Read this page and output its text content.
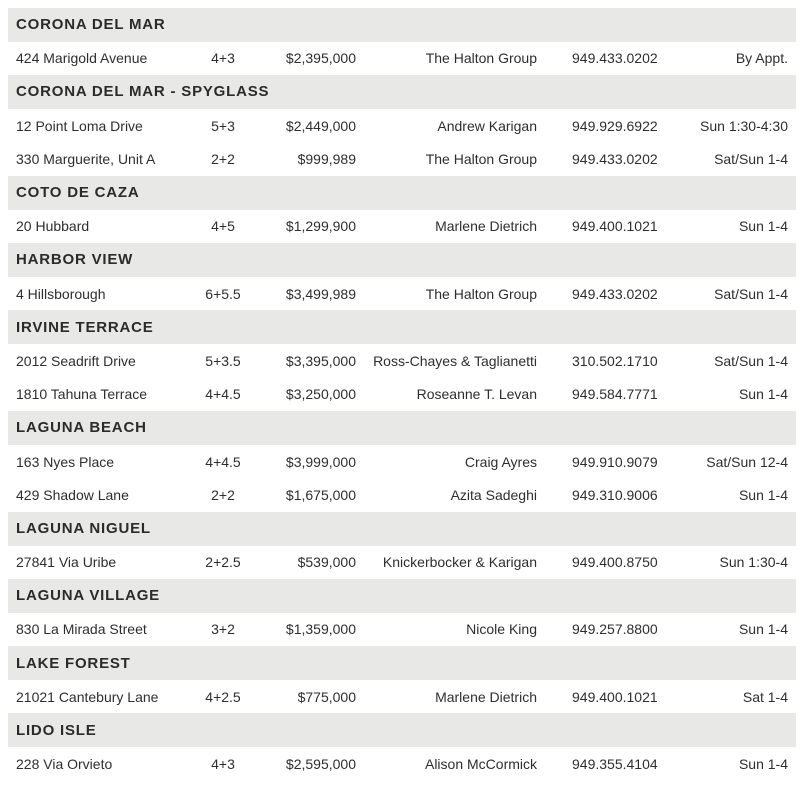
CORONA DEL MAR
424 Marigold Avenue	4+3	$2,395,000	The Halton Group	949.433.0202	By Appt.
CORONA DEL MAR - SPYGLASS
12 Point Loma Drive	5+3	$2,449,000	Andrew Karigan	949.929.6922	Sun 1:30-4:30
330 Marguerite, Unit A	2+2	$999,989	The Halton Group	949.433.0202	Sat/Sun 1-4
COTO DE CAZA
20 Hubbard	4+5	$1,299,900	Marlene Dietrich	949.400.1021	Sun 1-4
HARBOR VIEW
4 Hillsborough	6+5.5	$3,499,989	The Halton Group	949.433.0202	Sat/Sun 1-4
IRVINE TERRACE
2012 Seadrift Drive	5+3.5	$3,395,000 Ross-Chayes & Taglianetti	310.502.1710	Sat/Sun 1-4
1810 Tahuna Terrace	4+4.5	$3,250,000	Roseanne T. Levan	949.584.7771	Sun 1-4
LAGUNA BEACH
163 Nyes Place	4+4.5	$3,999,000	Craig Ayres	949.910.9079	Sat/Sun 12-4
429 Shadow Lane	2+2	$1,675,000	Azita Sadeghi	949.310.9006	Sun 1-4
LAGUNA NIGUEL
27841 Via Uribe	2+2.5	$539,000 Knickerbocker & Karigan	949.400.8750	Sun 1:30-4
LAGUNA VILLAGE
830 La Mirada Street	3+2	$1,359,000	Nicole King	949.257.8800	Sun 1-4
LAKE FOREST
21021 Cantebury Lane	4+2.5	$775,000	Marlene Dietrich	949.400.1021	Sat 1-4
LIDO ISLE
228 Via Orvieto	4+3	$2,595,000	Alison McCormick	949.355.4104	Sun 1-4
